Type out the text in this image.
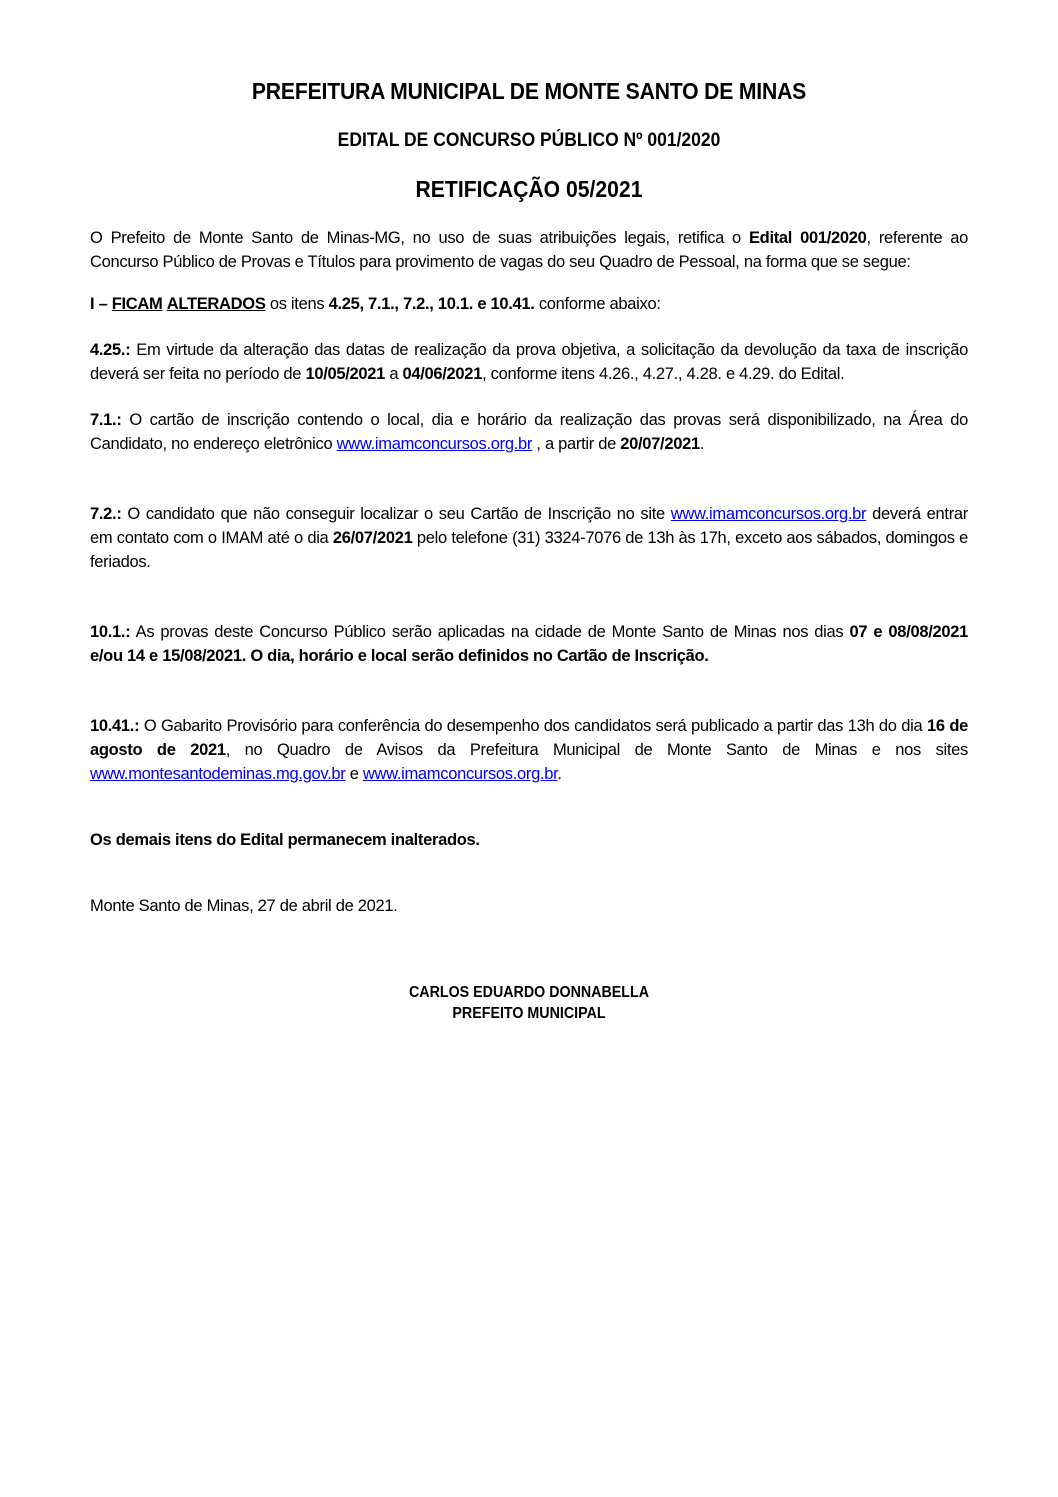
PREFEITURA MUNICIPAL DE MONTE SANTO DE MINAS
EDITAL DE CONCURSO PÚBLICO Nº 001/2020
RETIFICAÇÃO 05/2021

O Prefeito de Monte Santo de Minas-MG, no uso de suas atribuições legais, retifica o Edital 001/2020, referente ao Concurso Público de Provas e Títulos para provimento de vagas do seu Quadro de Pessoal, na forma que se segue:

I – FICAM ALTERADOS os itens 4.25, 7.1., 7.2., 10.1. e 10.41. conforme abaixo:

4.25.: Em virtude da alteração das datas de realização da prova objetiva, a solicitação da devolução da taxa de inscrição deverá ser feita no período de 10/05/2021 a 04/06/2021, conforme itens 4.26., 4.27., 4.28. e 4.29. do Edital.

7.1.: O cartão de inscrição contendo o local, dia e horário da realização das provas será disponibilizado, na Área do Candidato, no endereço eletrônico www.imamconcursos.org.br , a partir de 20/07/2021.

7.2.: O candidato que não conseguir localizar o seu Cartão de Inscrição no site www.imamconcursos.org.br deverá entrar em contato com o IMAM até o dia 26/07/2021 pelo telefone (31) 3324-7076 de 13h às 17h, exceto aos sábados, domingos e feriados.

10.1.: As provas deste Concurso Público serão aplicadas na cidade de Monte Santo de Minas nos dias 07 e 08/08/2021 e/ou 14 e 15/08/2021. O dia, horário e local serão definidos no Cartão de Inscrição.

10.41.: O Gabarito Provisório para conferência do desempenho dos candidatos será publicado a partir das 13h do dia 16 de agosto de 2021, no Quadro de Avisos da Prefeitura Municipal de Monte Santo de Minas e nos sites www.montesantodeminas.mg.gov.br e www.imamconcursos.org.br.

Os demais itens do Edital permanecem inalterados.

Monte Santo de Minas, 27 de abril de 2021.

CARLOS EDUARDO DONNABELLA
PREFEITO MUNICIPAL
